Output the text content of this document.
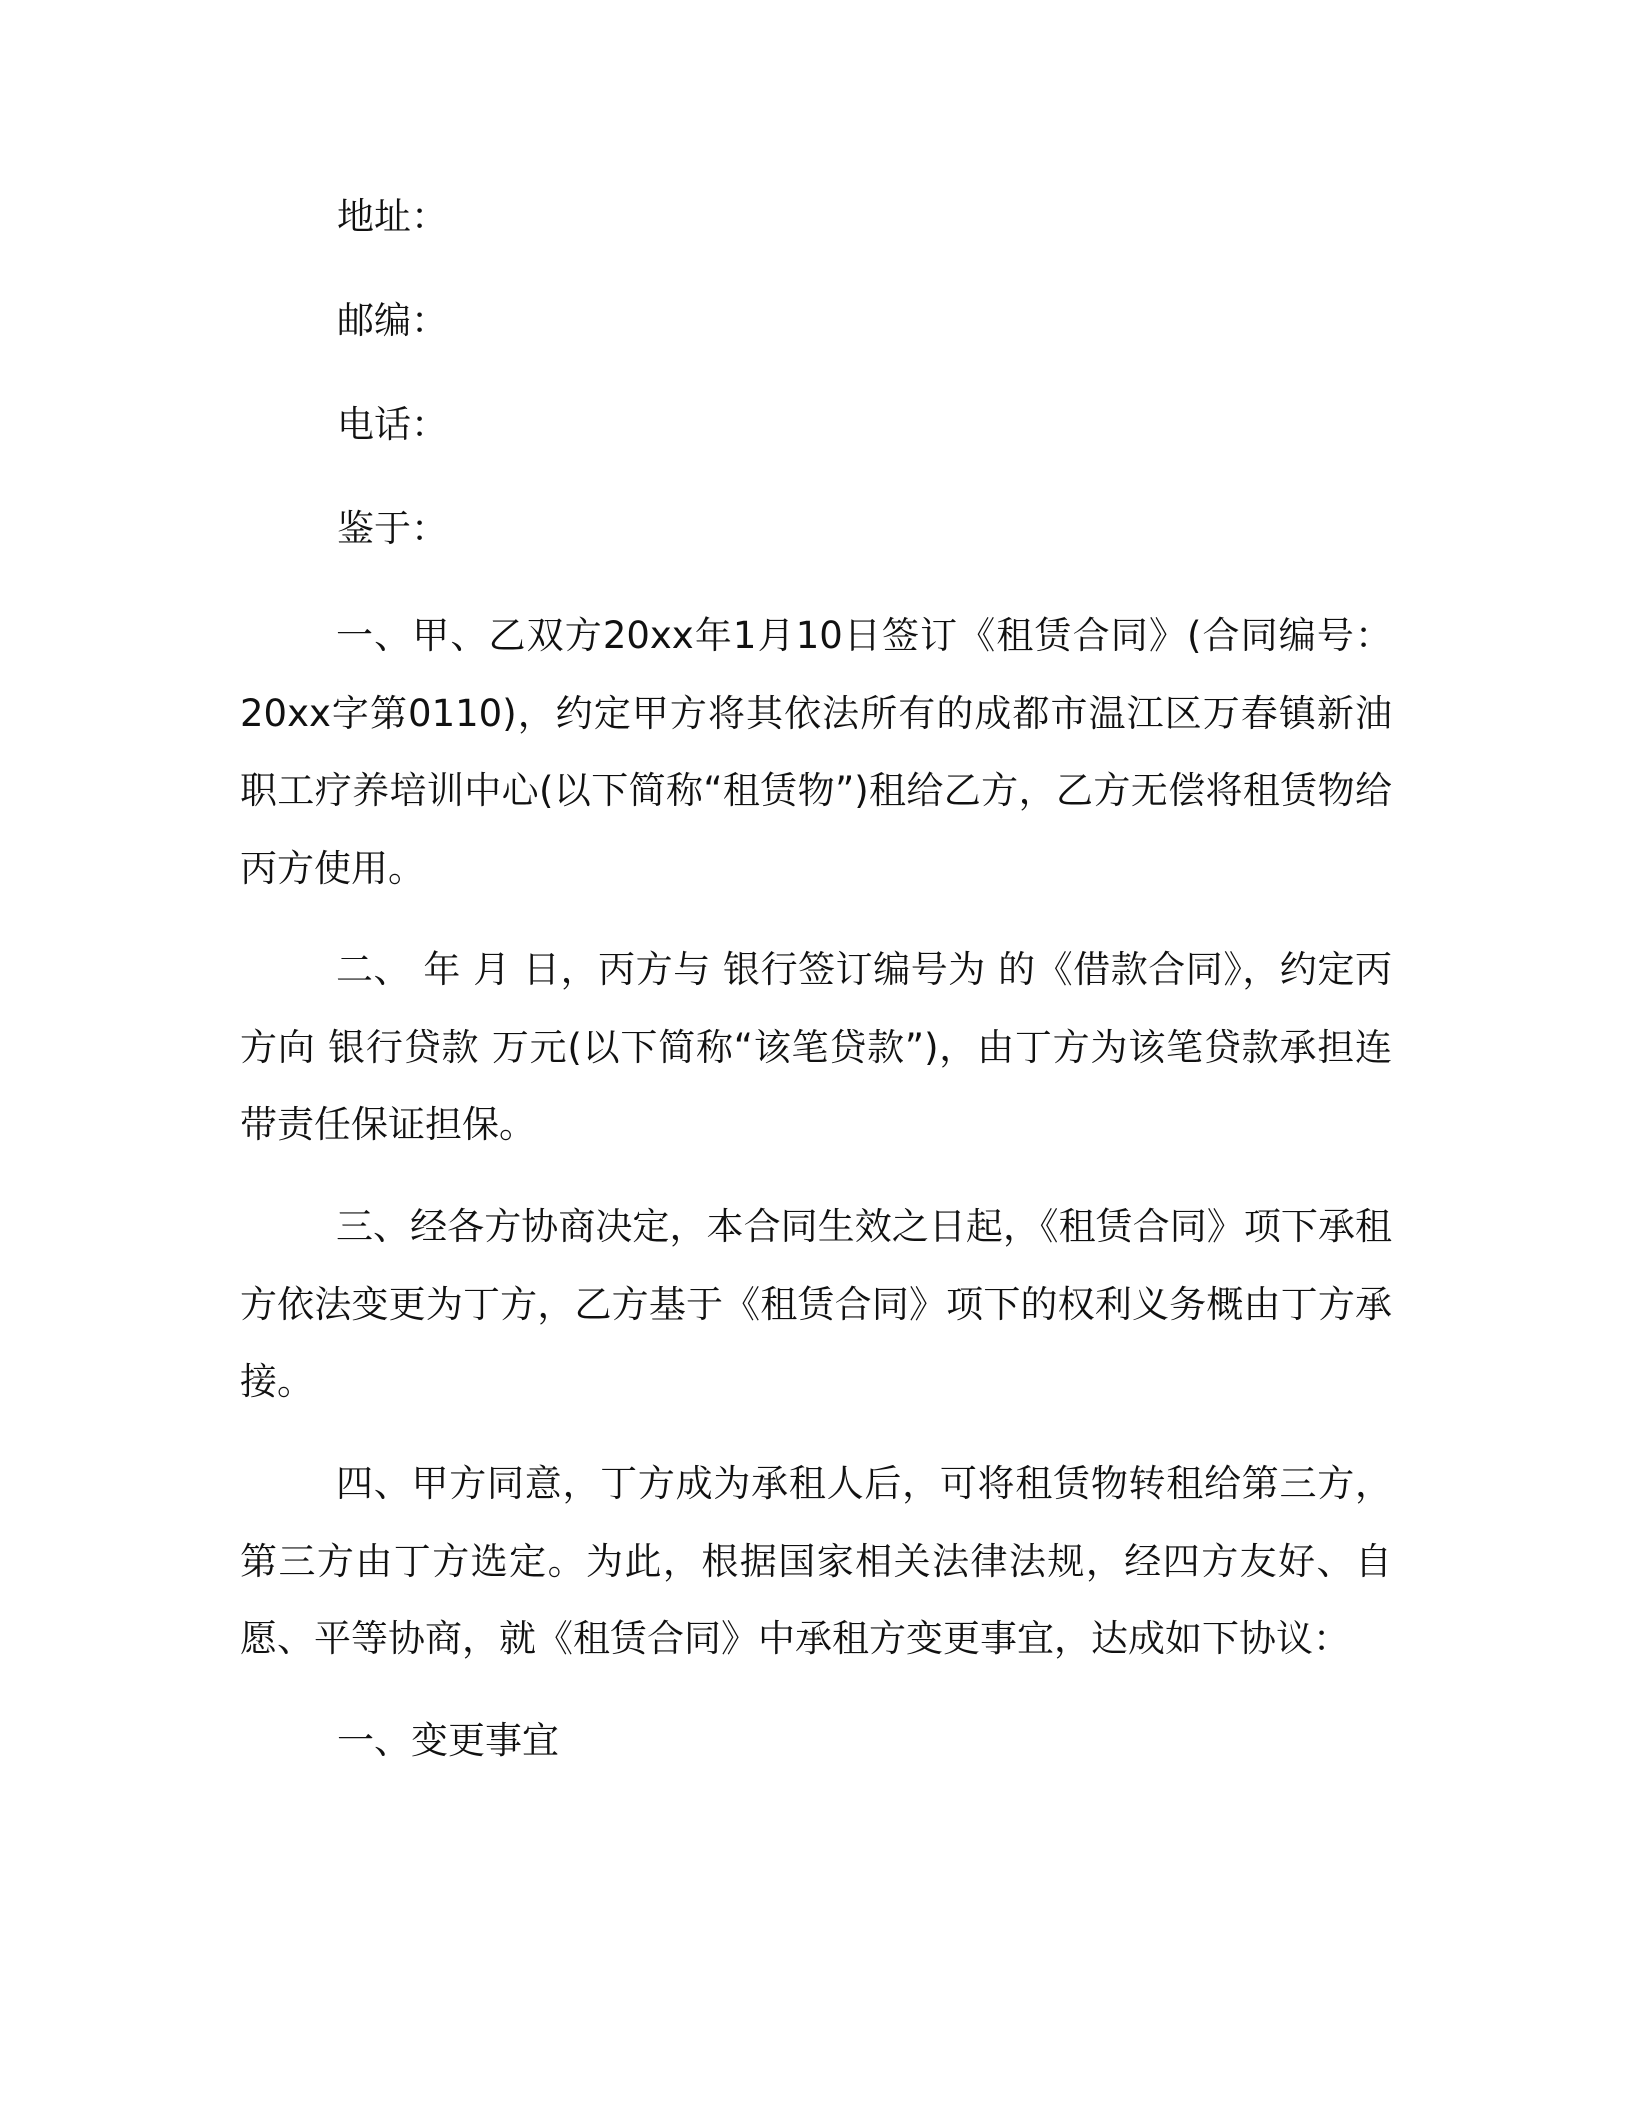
地址：
邮编：
电话：
鉴于：

一、甲、乙双方20xx年1月10日签订《租赁合同》(合同编号：20xx字第0110)，约定甲方将其依法所有的成都市温江区万春镇新油职工疗养培训中心(以下简称“租赁物”)租给乙方，乙方无偿将租赁物给丙方使用。

二、 年 月 日，丙方与 银行签订编号为 的《借款合同》，约定丙方向 银行贷款 万元(以下简称“该笔贷款”)，由丁方为该笔贷款承担连带责任保证担保。

三、经各方协商决定，本合同生效之日起，《租赁合同》项下承租方依法变更为丁方，乙方基于《租赁合同》项下的权利义务概由丁方承接。

四、甲方同意，丁方成为承租人后，可将租赁物转租给第三方，第三方由丁方选定。为此，根据国家相关法律法规，经四方友好、自愿、平等协商，就《租赁合同》中承租方变更事宜，达成如下协议：

一、变更事宜
